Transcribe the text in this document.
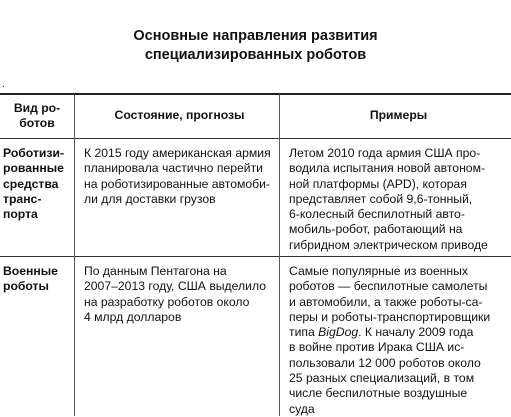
Основные направления развития
специализированных роботов
.
Вид ро-
ботов
Состояние, прогнозы	Примеры
Роботизи-
рованные
средства
транс-
порта
К 2015 году американская армия
планировала частично перейти
на роботизированные автомоби-
ли для доставки грузов
Летом 2010 года армия США про-
водила испытания новой автоном-
ной платформы (APD), которая
представляет собой 9,6-тонный,
6-колесный беспилотный авто-
мобиль-робот, работающий на
гибридном электрическом приводе
Военные
роботы
По данным Пентагона на
2007–2013 году, США выделило
на разработку роботов около
4 млрд долларов
Самые популярные из военных
роботов — беспилотные самолеты
и автомобили, а также роботы-са-
перы и роботы-транспортировщики
типа BigDog. К началу 2009 года
в войне против Ирака США ис-
пользовали 12 000 роботов около
25 разных специализаций, в том
числе беспилотные воздушные
суда
